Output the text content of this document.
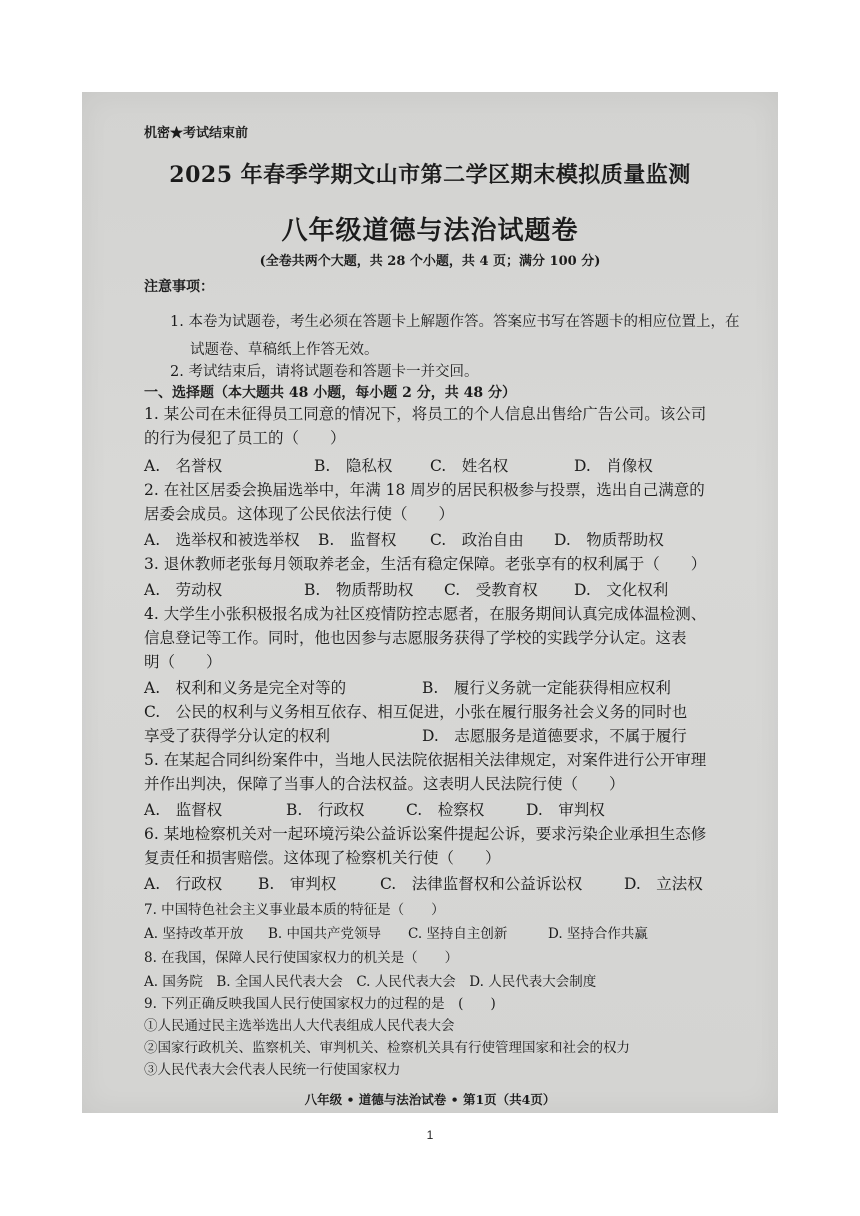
机密★考试结束前
2025 年春季学期文山市第二学区期末模拟质量监测
八年级道德与法治试题卷
(全卷共两个大题，共 28 个小题，共 4 页；满分 100 分)
注意事项：
1. 本卷为试题卷，考生必须在答题卡上解题作答。答案应书写在答题卡的相应位置上，在
试题卷、草稿纸上作答无效。
2. 考试结束后，请将试题卷和答题卡一并交回。
一、选择题（本大题共 48 小题，每小题 2 分，共 48 分）
1. 某公司在未征得员工同意的情况下，将员工的个人信息出售给广告公司。该公司
的行为侵犯了员工的（　　）
A.　名誉权	B.　隐私权 C.　姓名权	D.　肖像权
2. 在社区居委会换届选举中，年满 18 周岁的居民积极参与投票，选出自己满意的
居委会成员。这体现了公民依法行使（　　）
A.　选举权和被选举权 B.　监督权 C.　政治自由 D.　物质帮助权
3. 退休教师老张每月领取养老金，生活有稳定保障。老张享有的权利属于（　　）
A.　劳动权	B.　物质帮助权 C.　受教育权 D.　文化权利
4. 大学生小张积极报名成为社区疫情防控志愿者，在服务期间认真完成体温检测、
信息登记等工作。同时，他也因参与志愿服务获得了学校的实践学分认定。这表
明（　　）
A.　权利和义务是完全对等的	B.　履行义务就一定能获得相应权利
C.　公民的权利与义务相互依存、相互促进，小张在履行服务社会义务的同时也
享受了获得学分认定的权利	D.　志愿服务是道德要求，不属于履行
5. 在某起合同纠纷案件中，当地人民法院依据相关法律规定，对案件进行公开审理
并作出判决，保障了当事人的合法权益。这表明人民法院行使（　　）
A.　监督权	B.　行政权	C.　检察权	D.　审判权
6. 某地检察机关对一起环境污染公益诉讼案件提起公诉，要求污染企业承担生态修
复责任和损害赔偿。这体现了检察机关行使（　　）
A.　行政权 B.　审判权	C.　法律监督权和公益诉讼权	D.　立法权
7. 中国特色社会主义事业最本质的特征是（　　）
A. 坚持改革开放 B. 中国共产党领导 C. 坚持自主创新	D. 坚持合作共赢
8. 在我国，保障人民行使国家权力的机关是（　　）
A. 国务院　B. 全国人民代表大会　C. 人民代表大会　D. 人民代表大会制度
9. 下列正确反映我国人民行使国家权力的过程的是　(　　)
①人民通过民主选举选出人大代表组成人民代表大会
②国家行政机关、监察机关、审判机关、检察机关具有行使管理国家和社会的权力
③人民代表大会代表人民统一行使国家权力
八年级 • 道德与法治试卷 • 第1页（共4页）
1
